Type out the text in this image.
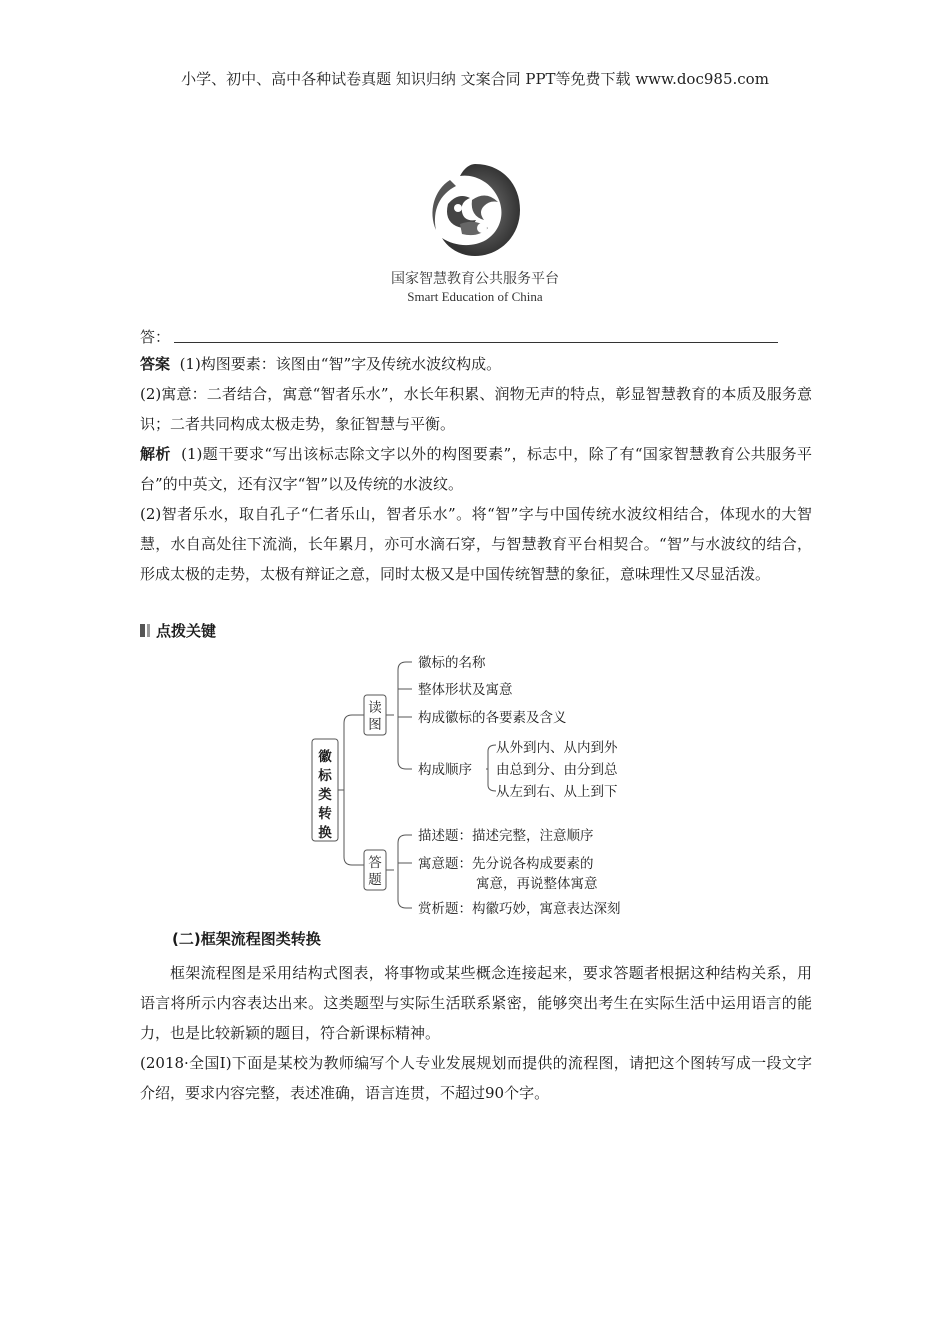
小学、初中、高中各种试卷真题 知识归纳 文案合同 PPT等免费下载 www.doc985.com
国家智慧教育公共服务平台
Smart Education of China
答：
答案 (1)构图要素：该图由“智”字及传统水波纹构成。
(2)寓意：二者结合，寓意“智者乐水”，水长年积累、润物无声的特点，彰显智慧教育的本质及服务意识；二者共同构成太极走势，象征智慧与平衡。
解析 (1)题干要求“写出该标志除文字以外的构图要素”，标志中，除了有“国家智慧教育公共服务平台”的中英文，还有汉字“智”以及传统的水波纹。
(2)智者乐水，取自孔子“仁者乐山，智者乐水”。将“智”字与中国传统水波纹相结合，体现水的大智慧，水自高处往下流淌，长年累月，亦可水滴石穿，与智慧教育平台相契合。“智”与水波纹的结合，形成太极的走势，太极有辩证之意，同时太极又是中国传统智慧的象征，意味理性又尽显活泼。
点拨关键
徽
标
类
转
换
读
图
徽标的名称
整体形状及寓意
构成徽标的各要素及含义
构成顺序
从外到内、从内到外
由总到分、由分到总
从左到右、从上到下
答
题
描述题：描述完整，注意顺序
寓意题：先分说各构成要素的
寓意，再说整体寓意
赏析题：构徽巧妙，寓意表达深刻
(二)框架流程图类转换
框架流程图是采用结构式图表，将事物或某些概念连接起来，要求答题者根据这种结构关系，用语言将所示内容表达出来。这类题型与实际生活联系紧密，能够突出考生在实际生活中运用语言的能力，也是比较新颖的题目，符合新课标精神。
(2018·全国Ⅰ)下面是某校为教师编写个人专业发展规划而提供的流程图，请把这个图转写成一段文字介绍，要求内容完整，表述准确，语言连贯，不超过90个字。
